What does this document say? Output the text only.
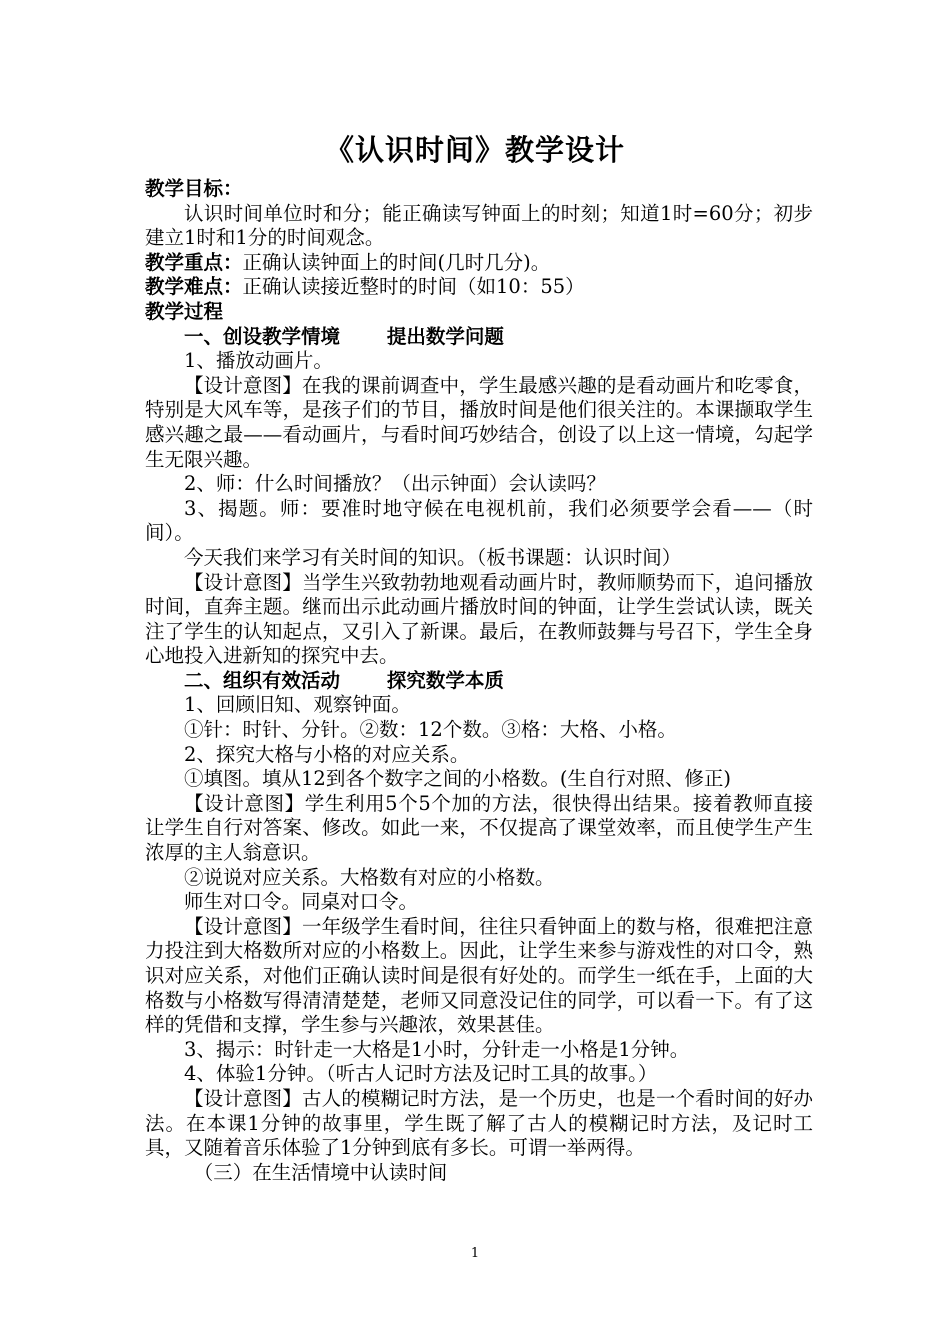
《认识时间》教学设计

教学目标：

认识时间单位时和分；能正确读写钟面上的时刻；知道1时=60分；初步建立1时和1分的时间观念。

教学重点：正确认读钟面上的时间(几时几分)。

教学难点：正确认读接近整时的时间（如10：55）

教学过程

一、创设教学情境 提出数学问题

1、播放动画片。

【设计意图】在我的课前调查中，学生最感兴趣的是看动画片和吃零食，特别是大风车等，是孩子们的节目，播放时间是他们很关注的。本课撷取学生感兴趣之最——看动画片，与看时间巧妙结合，创设了以上这一情境，勾起学生无限兴趣。

2、师：什么时间播放？（出示钟面）会认读吗？

3、揭题。师：要准时地守候在电视机前，我们必须要学会看——（时间）。

今天我们来学习有关时间的知识。（板书课题：认识时间）

【设计意图】当学生兴致勃勃地观看动画片时，教师顺势而下，追问播放时间，直奔主题。继而出示此动画片播放时间的钟面，让学生尝试认读，既关注了学生的认知起点，又引入了新课。最后，在教师鼓舞与号召下，学生全身心地投入进新知的探究中去。

二、组织有效活动 探究数学本质

1、回顾旧知、观察钟面。

①针：时针、分针。②数：12个数。③格：大格、小格。

2、探究大格与小格的对应关系。

①填图。填从12到各个数字之间的小格数。(生自行对照、修正)

【设计意图】学生利用5个5个加的方法，很快得出结果。接着教师直接让学生自行对答案、修改。如此一来，不仅提高了课堂效率，而且使学生产生浓厚的主人翁意识。

②说说对应关系。大格数有对应的小格数。

师生对口令。同桌对口令。

【设计意图】一年级学生看时间，往往只看钟面上的数与格，很难把注意力投注到大格数所对应的小格数上。因此，让学生来参与游戏性的对口令，熟识对应关系，对他们正确认读时间是很有好处的。而学生一纸在手，上面的大格数与小格数写得清清楚楚，老师又同意没记住的同学，可以看一下。有了这样的凭借和支撑，学生参与兴趣浓，效果甚佳。

3、揭示：时针走一大格是1小时，分针走一小格是1分钟。

4、体验1分钟。（听古人记时方法及记时工具的故事。）

【设计意图】古人的模糊记时方法，是一个历史，也是一个看时间的好办法。在本课1分钟的故事里，学生既了解了古人的模糊记时方法，及记时工具，又随着音乐体验了1分钟到底有多长。可谓一举两得。

（三）在生活情境中认读时间

1
